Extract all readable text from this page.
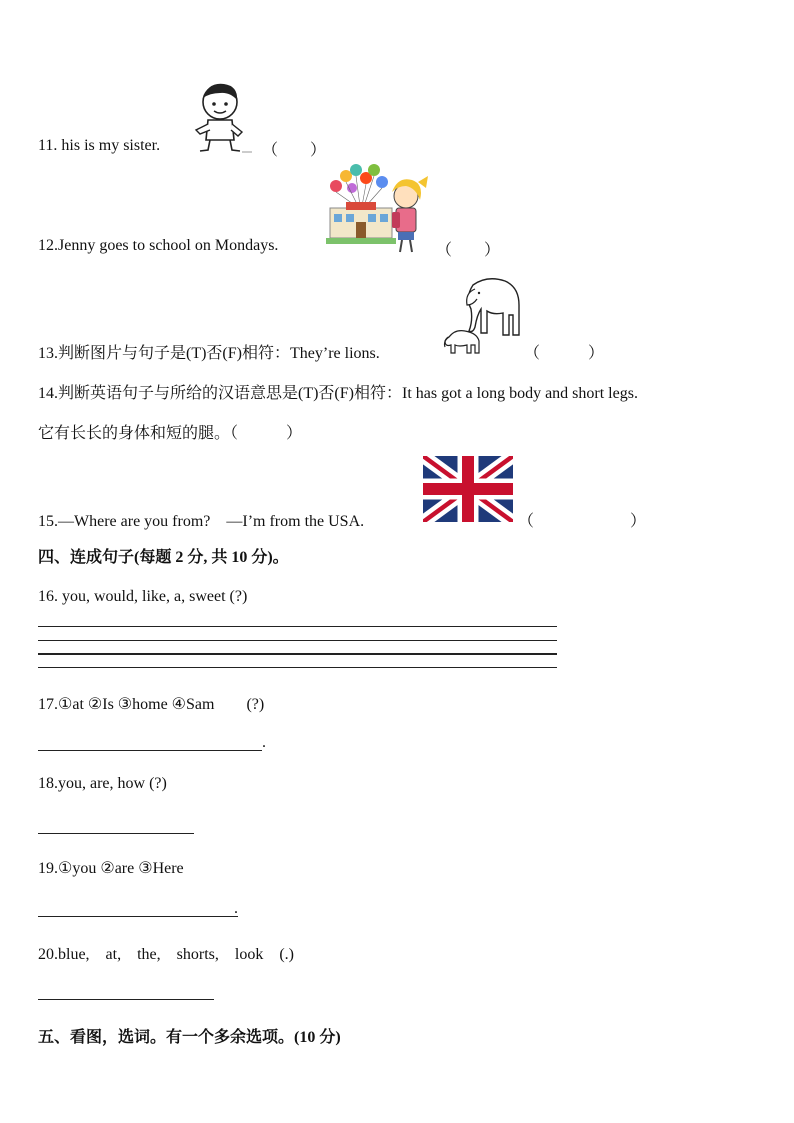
11. his is my sister.	（　　）
12.Jenny goes to school on Mondays.	（　　）
13.判断图片与句子是(T)否(F)相符：They’re lions.	（　　　）
14.判断英语句子与所给的汉语意思是(T)否(F)相符：It has got a long body and short legs.
它有长长的身体和短的腿。（　　　）
15.—Where are you from?　—I’m from the USA.	（　　　　　　）
四、连成句子(每题 2 分, 共 10 分)。
16. you, would, like, a, sweet (?)
17.①at ②Is ③home ④Sam　　(?)
.
18.you, are, how (?)
19.①you ②are ③Here
.
20.blue,　at,　the,　shorts,　look　(.)
五、看图，选词。有一个多余选项。(10 分)
